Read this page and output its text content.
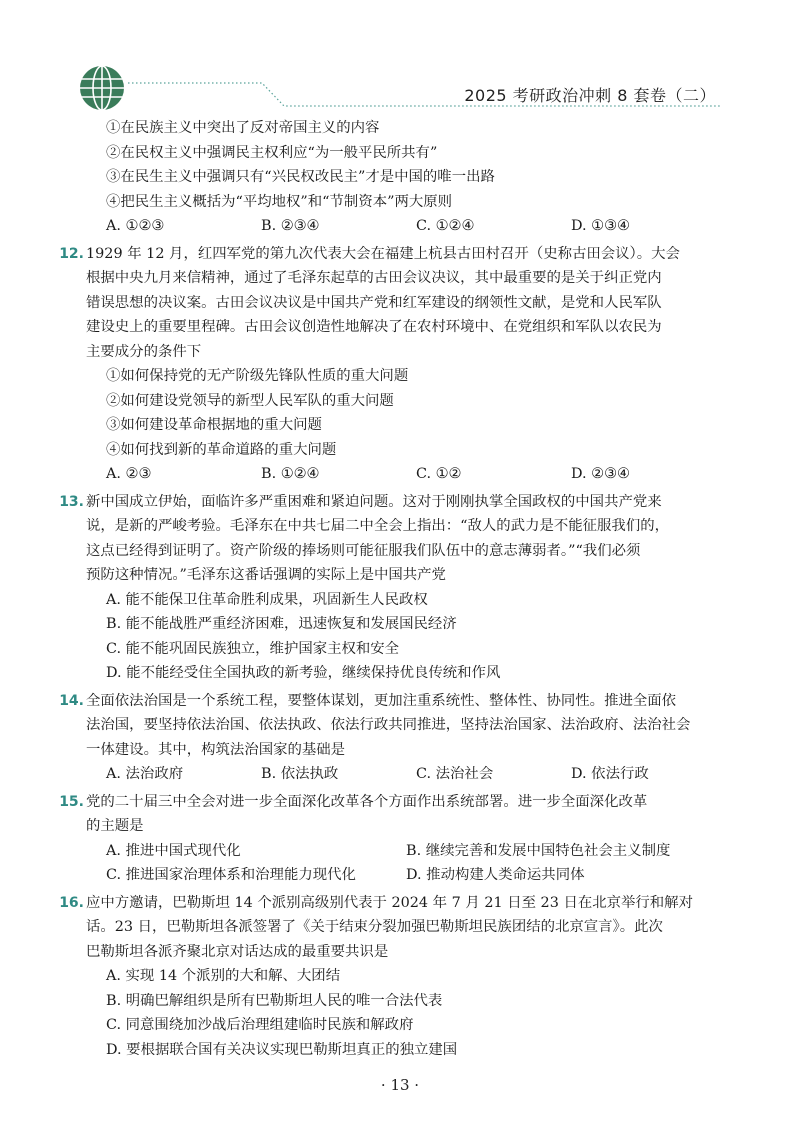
2025 考研政治冲刺 8 套卷（二）
①在民族主义中突出了反对帝国主义的内容
②在民权主义中强调民主权利应“为一般平民所共有”
③在民生主义中强调只有“兴民权改民主”才是中国的唯一出路
④把民生主义概括为“平均地权”和“节制资本”两大原则
A. ①②③	B. ②③④	C. ①②④	D. ①③④
12. 1929 年 12 月，红四军党的第九次代表大会在福建上杭县古田村召开（史称古田会议）。大会
根据中央九月来信精神，通过了毛泽东起草的古田会议决议，其中最重要的是关于纠正党内
错误思想的决议案。古田会议决议是中国共产党和红军建设的纲领性文献，是党和人民军队
建设史上的重要里程碑。古田会议创造性地解决了在农村环境中、在党组织和军队以农民为
主要成分的条件下
①如何保持党的无产阶级先锋队性质的重大问题
②如何建设党领导的新型人民军队的重大问题
③如何建设革命根据地的重大问题
④如何找到新的革命道路的重大问题
A. ②③	B. ①②④	C. ①②	D. ②③④
13. 新中国成立伊始，面临许多严重困难和紧迫问题。这对于刚刚执掌全国政权的中国共产党来
说，是新的严峻考验。毛泽东在中共七届二中全会上指出：“敌人的武力是不能征服我们的，
这点已经得到证明了。资产阶级的捧场则可能征服我们队伍中的意志薄弱者。”“我们必须
预防这种情况。”毛泽东这番话强调的实际上是中国共产党
A. 能不能保卫住革命胜利成果，巩固新生人民政权
B. 能不能战胜严重经济困难，迅速恢复和发展国民经济
C. 能不能巩固民族独立，维护国家主权和安全
D. 能不能经受住全国执政的新考验，继续保持优良传统和作风
14. 全面依法治国是一个系统工程，要整体谋划，更加注重系统性、整体性、协同性。推进全面依
法治国，要坚持依法治国、依法执政、依法行政共同推进，坚持法治国家、法治政府、法治社会
一体建设。其中，构筑法治国家的基础是
A. 法治政府	B. 依法执政	C. 法治社会	D. 依法行政
15. 党的二十届三中全会对进一步全面深化改革各个方面作出系统部署。进一步全面深化改革
的主题是
A. 推进中国式现代化	B. 继续完善和发展中国特色社会主义制度
C. 推进国家治理体系和治理能力现代化	D. 推动构建人类命运共同体
16. 应中方邀请，巴勒斯坦 14 个派别高级别代表于 2024 年 7 月 21 日至 23 日在北京举行和解对
话。23 日，巴勒斯坦各派签署了《关于结束分裂加强巴勒斯坦民族团结的北京宣言》。此次
巴勒斯坦各派齐聚北京对话达成的最重要共识是
A. 实现 14 个派别的大和解、大团结
B. 明确巴解组织是所有巴勒斯坦人民的唯一合法代表
C. 同意围绕加沙战后治理组建临时民族和解政府
D. 要根据联合国有关决议实现巴勒斯坦真正的独立建国
· 13 ·
